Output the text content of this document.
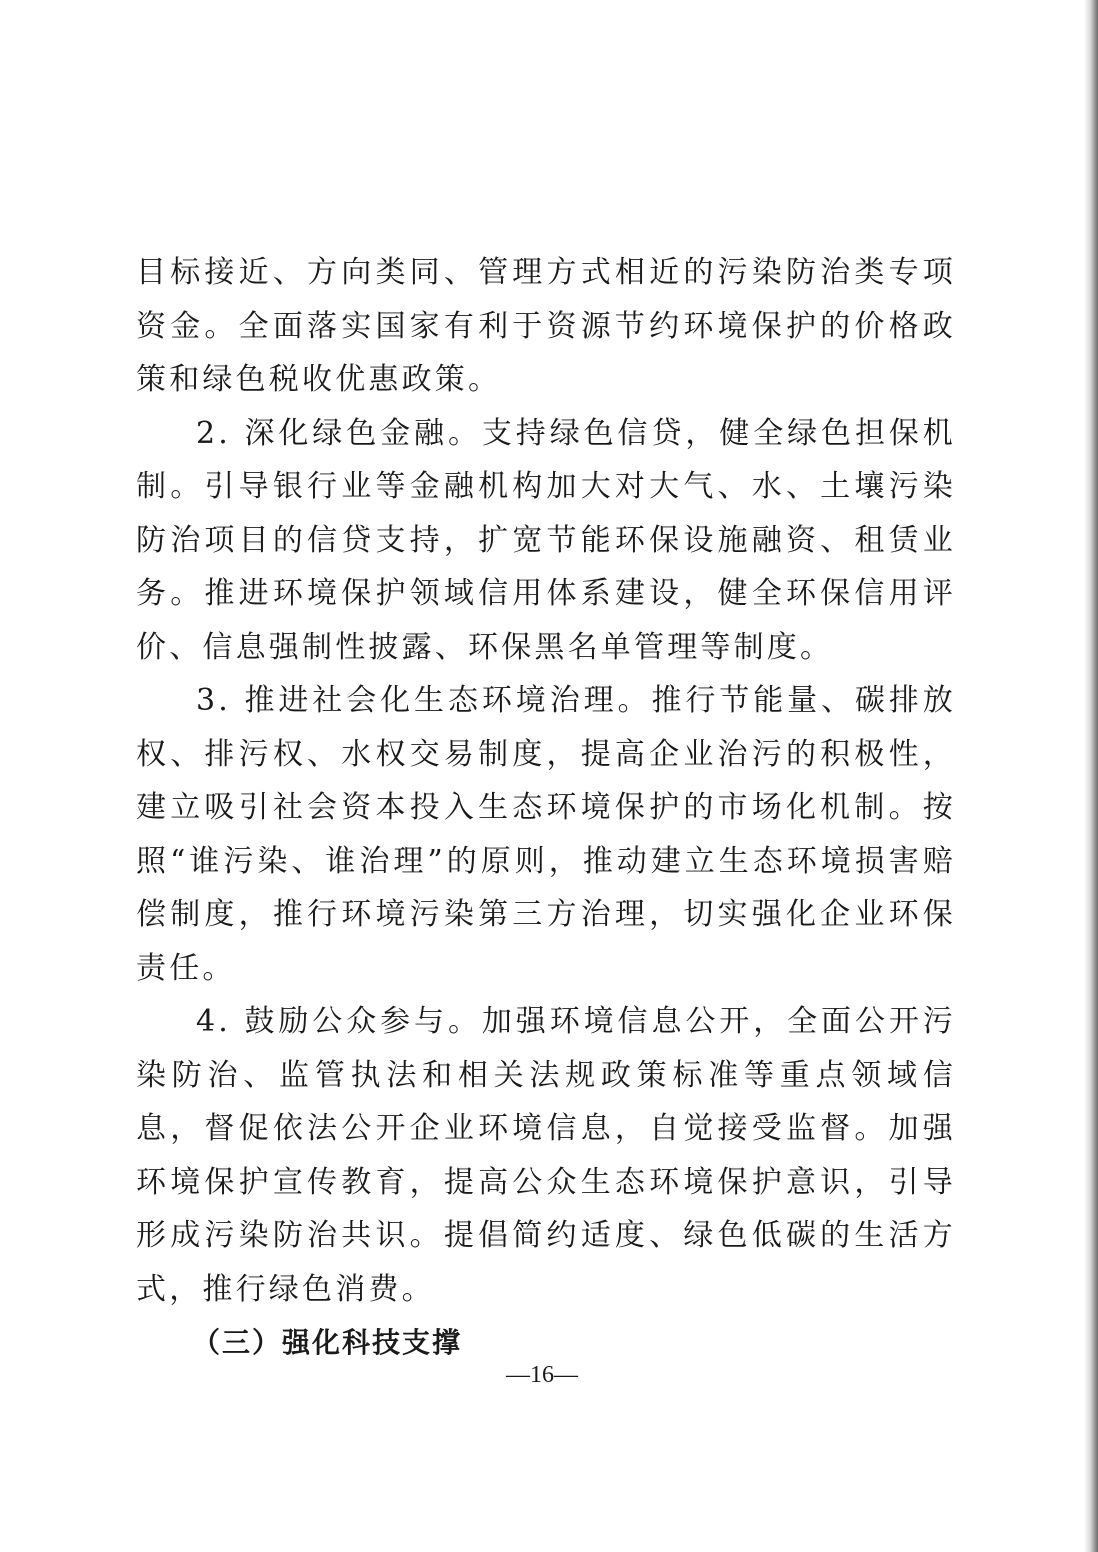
目标接近、方向类同、管理方式相近的污染防治类专项资金。全面落实国家有利于资源节约环境保护的价格政策和绿色税收优惠政策。

2. 深化绿色金融。支持绿色信贷，健全绿色担保机制。引导银行业等金融机构加大对大气、水、土壤污染防治项目的信贷支持，扩宽节能环保设施融资、租赁业务。推进环境保护领域信用体系建设，健全环保信用评价、信息强制性披露、环保黑名单管理等制度。

3. 推进社会化生态环境治理。推行节能量、碳排放权、排污权、水权交易制度，提高企业治污的积极性，建立吸引社会资本投入生态环境保护的市场化机制。按照“谁污染、谁治理”的原则，推动建立生态环境损害赔偿制度，推行环境污染第三方治理，切实强化企业环保责任。

4. 鼓励公众参与。加强环境信息公开，全面公开污染防治、监管执法和相关法规政策标准等重点领域信息，督促依法公开企业环境信息，自觉接受监督。加强环境保护宣传教育，提高公众生态环境保护意识，引导形成污染防治共识。提倡简约适度、绿色低碳的生活方式，推行绿色消费。

（三）强化科技支撑

—16—
